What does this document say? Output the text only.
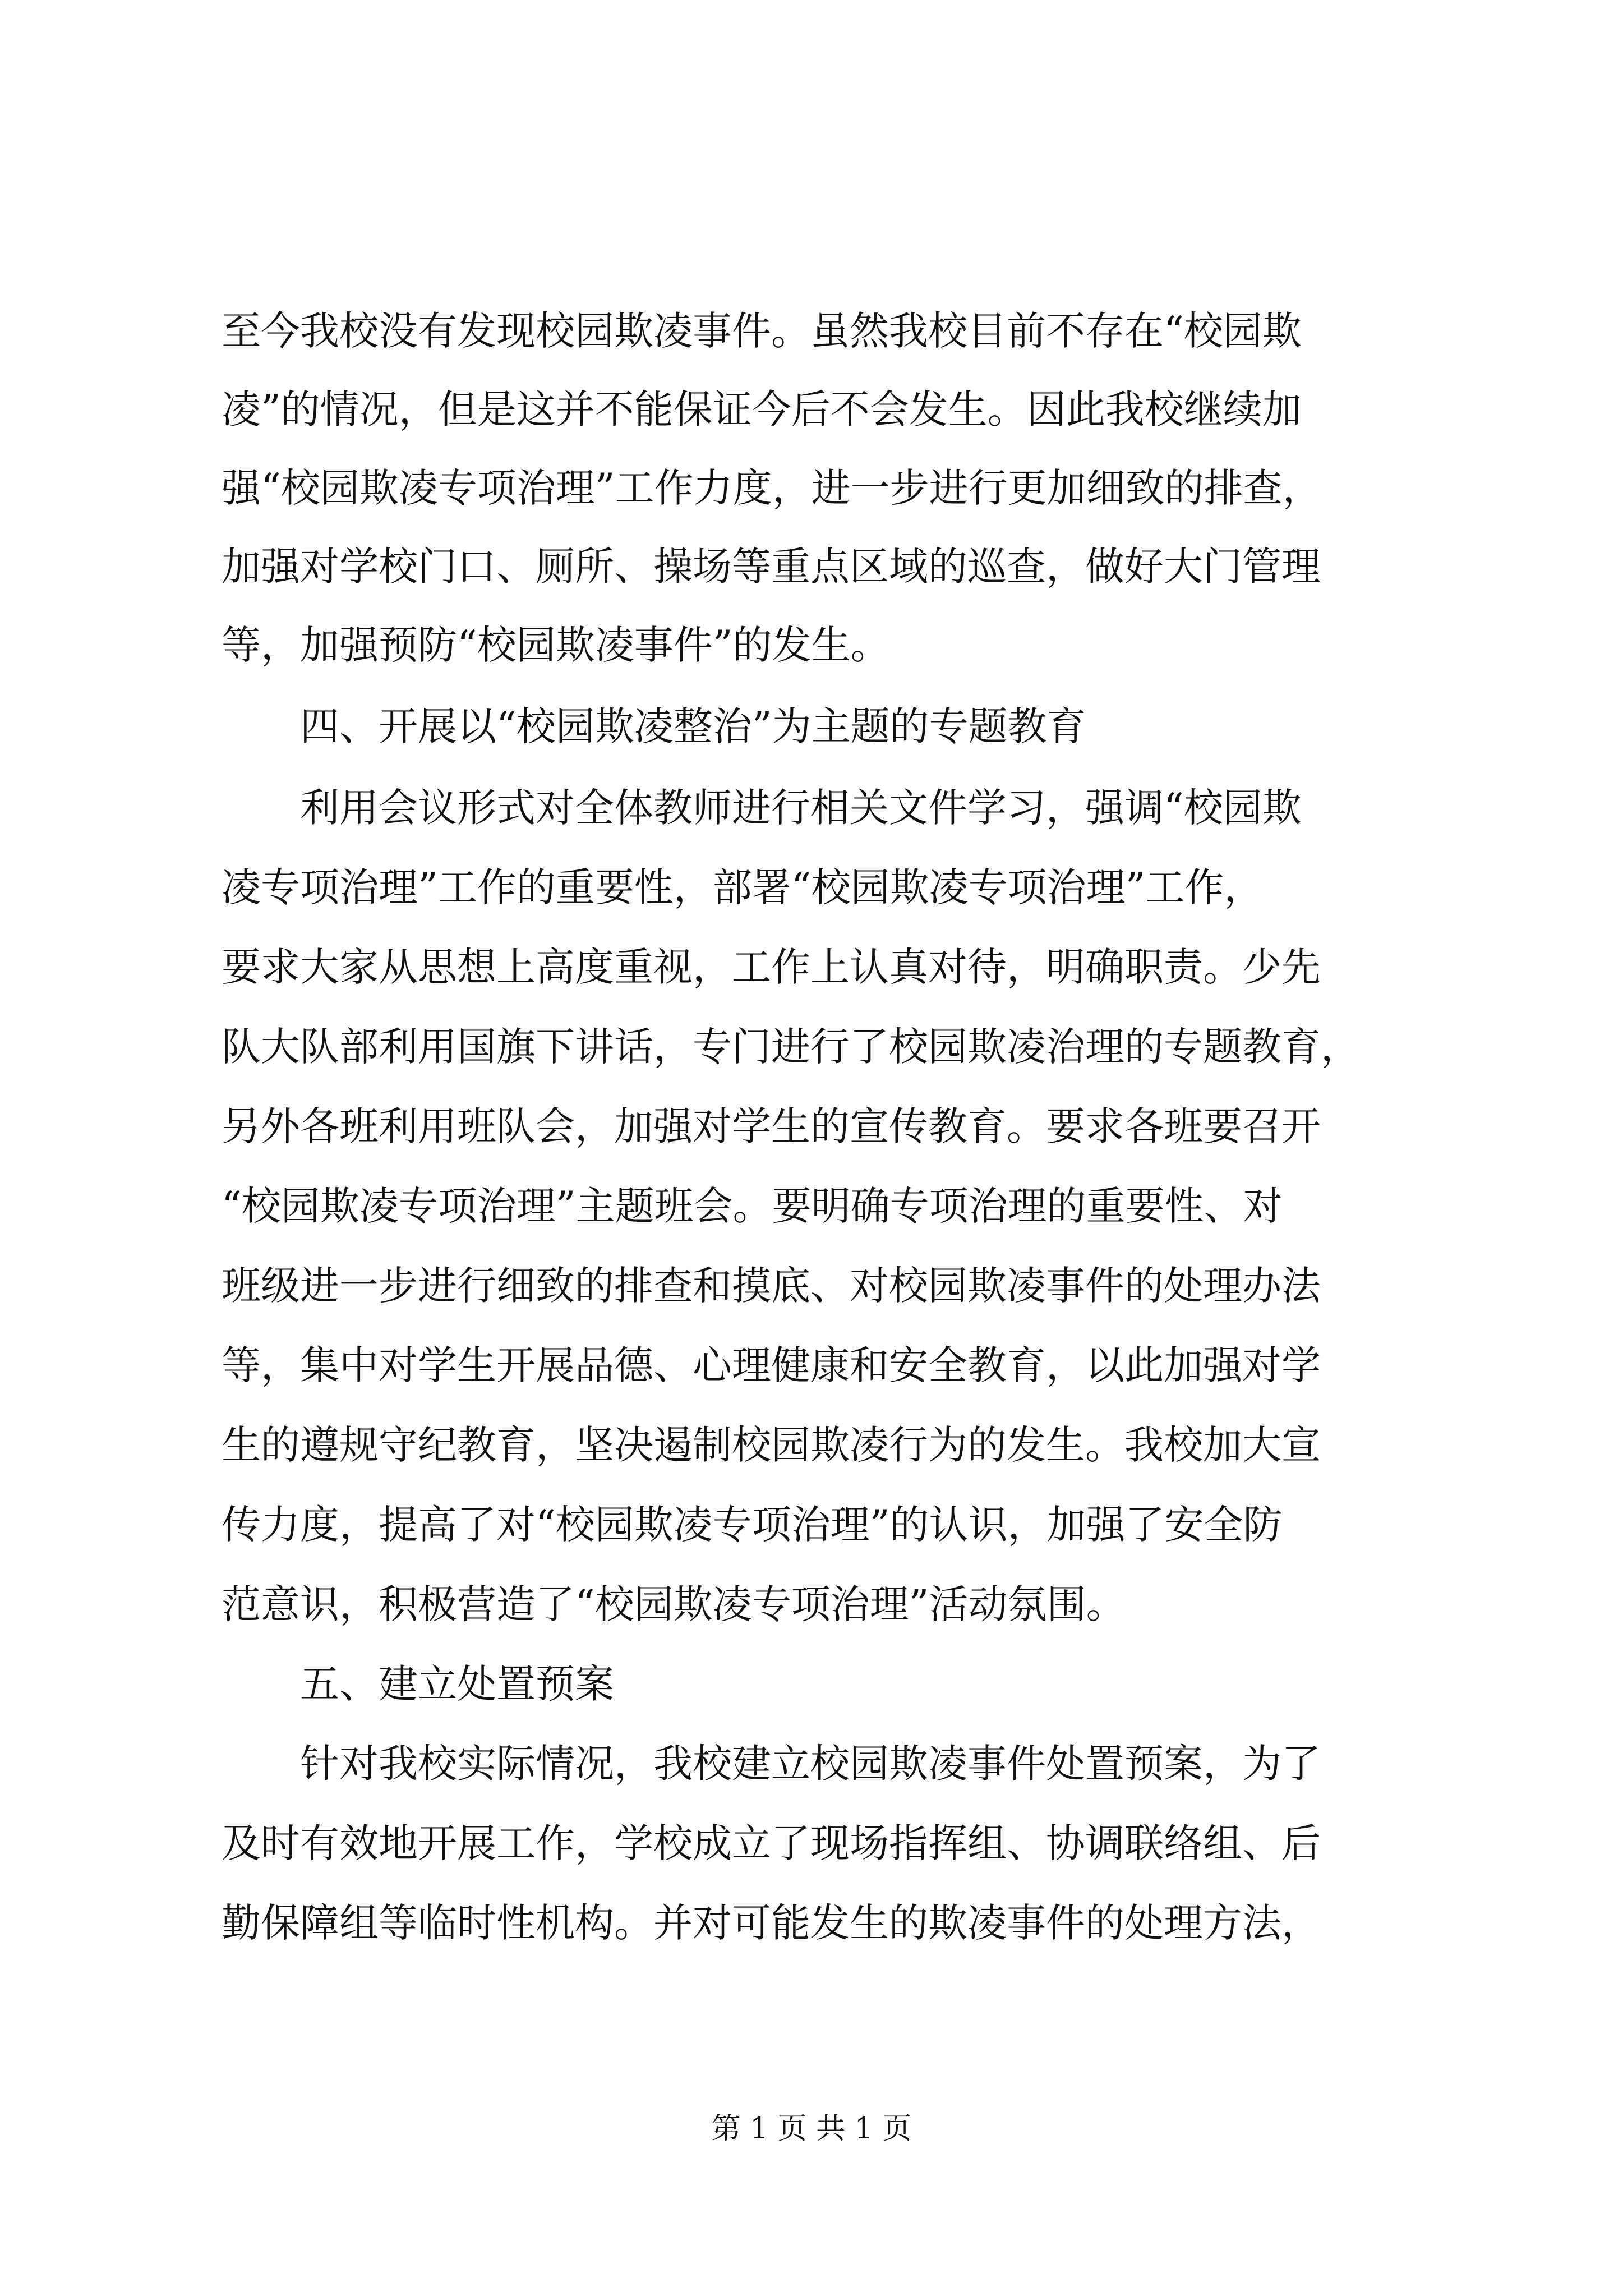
至今我校没有发现校园欺凌事件。虽然我校目前不存在“校园欺
凌”的情况，但是这并不能保证今后不会发生。因此我校继续加
强“校园欺凌专项治理”工作力度，进一步进行更加细致的排查，
加强对学校门口、厕所、操场等重点区域的巡查，做好大门管理
等，加强预防“校园欺凌事件”的发生。
四、开展以“校园欺凌整治”为主题的专题教育
利用会议形式对全体教师进行相关文件学习，强调“校园欺
凌专项治理”工作的重要性，部署“校园欺凌专项治理”工作，
要求大家从思想上高度重视，工作上认真对待，明确职责。少先
队大队部利用国旗下讲话，专门进行了校园欺凌治理的专题教育，
另外各班利用班队会，加强对学生的宣传教育。要求各班要召开
“校园欺凌专项治理”主题班会。要明确专项治理的重要性、对
班级进一步进行细致的排查和摸底、对校园欺凌事件的处理办法
等，集中对学生开展品德、心理健康和安全教育，以此加强对学
生的遵规守纪教育，坚决遏制校园欺凌行为的发生。我校加大宣
传力度，提高了对“校园欺凌专项治理”的认识，加强了安全防
范意识，积极营造了“校园欺凌专项治理”活动氛围。
五、建立处置预案
针对我校实际情况，我校建立校园欺凌事件处置预案，为了
及时有效地开展工作，学校成立了现场指挥组、协调联络组、后
勤保障组等临时性机构。并对可能发生的欺凌事件的处理方法，
第 1 页 共 1 页
